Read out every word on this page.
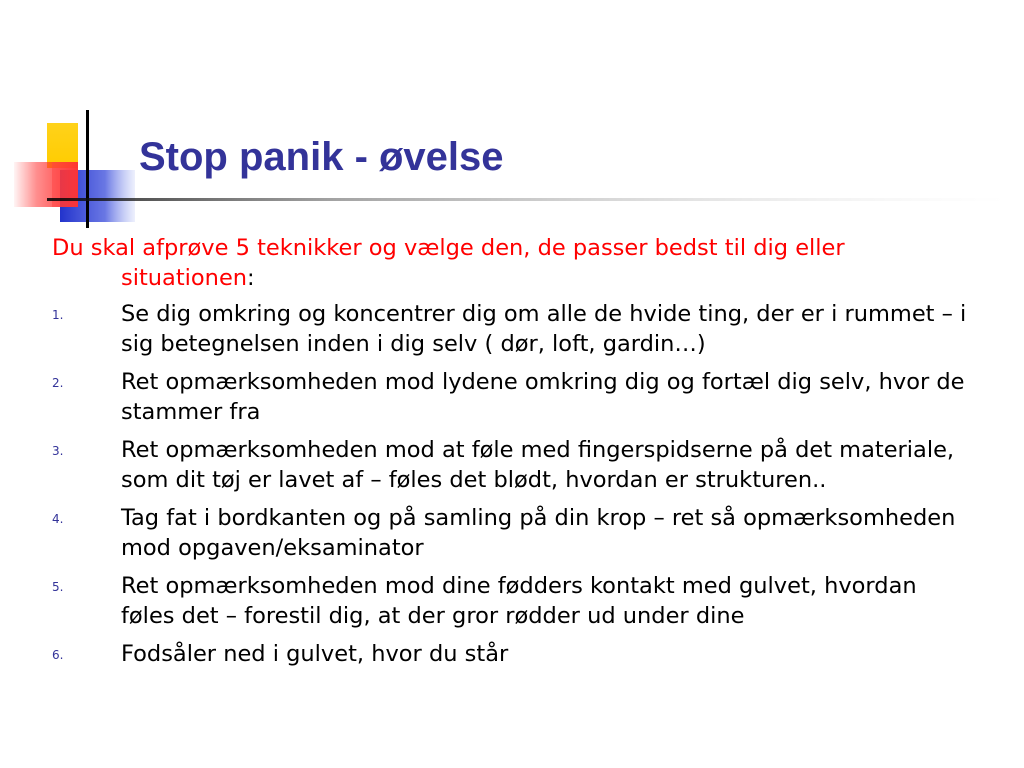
Stop panik - øvelse

Du skal afprøve 5 teknikker og vælge den, de passer bedst til dig eller situationen:

1.	Se dig omkring og koncentrer dig om alle de hvide ting, der er i rummet – i sig betegnelsen inden i dig selv ( dør, loft, gardin…)
2.	Ret opmærksomheden mod lydene omkring dig og fortæl dig selv, hvor de stammer fra
3.	Ret opmærksomheden mod at føle med fingerspidserne på det materiale, som dit tøj er lavet af – føles det blødt, hvordan er strukturen..
4.	Tag fat i bordkanten og på samling på din krop – ret så opmærksomheden mod opgaven/eksaminator
5.	Ret opmærksomheden mod dine fødders kontakt med gulvet, hvordan føles det – forestil dig, at der gror rødder ud under dine
6.	Fodsåler ned i gulvet, hvor du står
